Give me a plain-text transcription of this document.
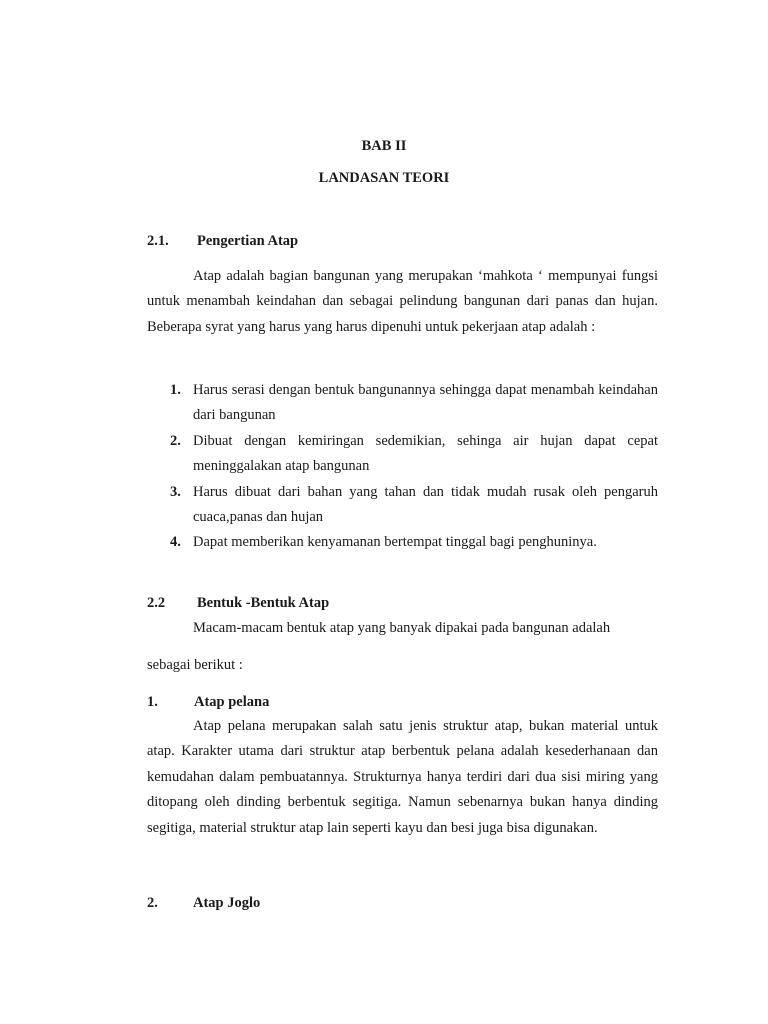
BAB II
LANDASAN TEORI
2.1. Pengertian Atap

Atap adalah bagian bangunan yang merupakan ‘mahkota ‘ mempunyai fungsi untuk menambah keindahan dan sebagai pelindung bangunan dari panas dan hujan. Beberapa syrat yang harus yang harus dipenuhi untuk pekerjaan atap adalah :

1. Harus serasi dengan bentuk bangunannya sehingga dapat menambah keindahan dari bangunan
2. Dibuat dengan kemiringan sedemikian, sehinga air hujan dapat cepat meninggalakan atap bangunan
3. Harus dibuat dari bahan yang tahan dan tidak mudah rusak oleh pengaruh cuaca,panas dan hujan
4. Dapat memberikan kenyamanan bertempat tinggal bagi penghuninya.
2.2 Bentuk -Bentuk Atap
Macam-macam bentuk atap yang banyak dipakai pada bangunan adalah
sebagai berikut :
1. Atap pelana

Atap pelana merupakan salah satu jenis struktur atap, bukan material untuk atap. Karakter utama dari struktur atap berbentuk pelana adalah kesederhanaan dan kemudahan dalam pembuatannya. Strukturnya hanya terdiri dari dua sisi miring yang ditopang oleh dinding berbentuk segitiga. Namun sebenarnya bukan hanya dinding segitiga, material struktur atap lain seperti kayu dan besi juga bisa digunakan.

2. Atap Joglo
